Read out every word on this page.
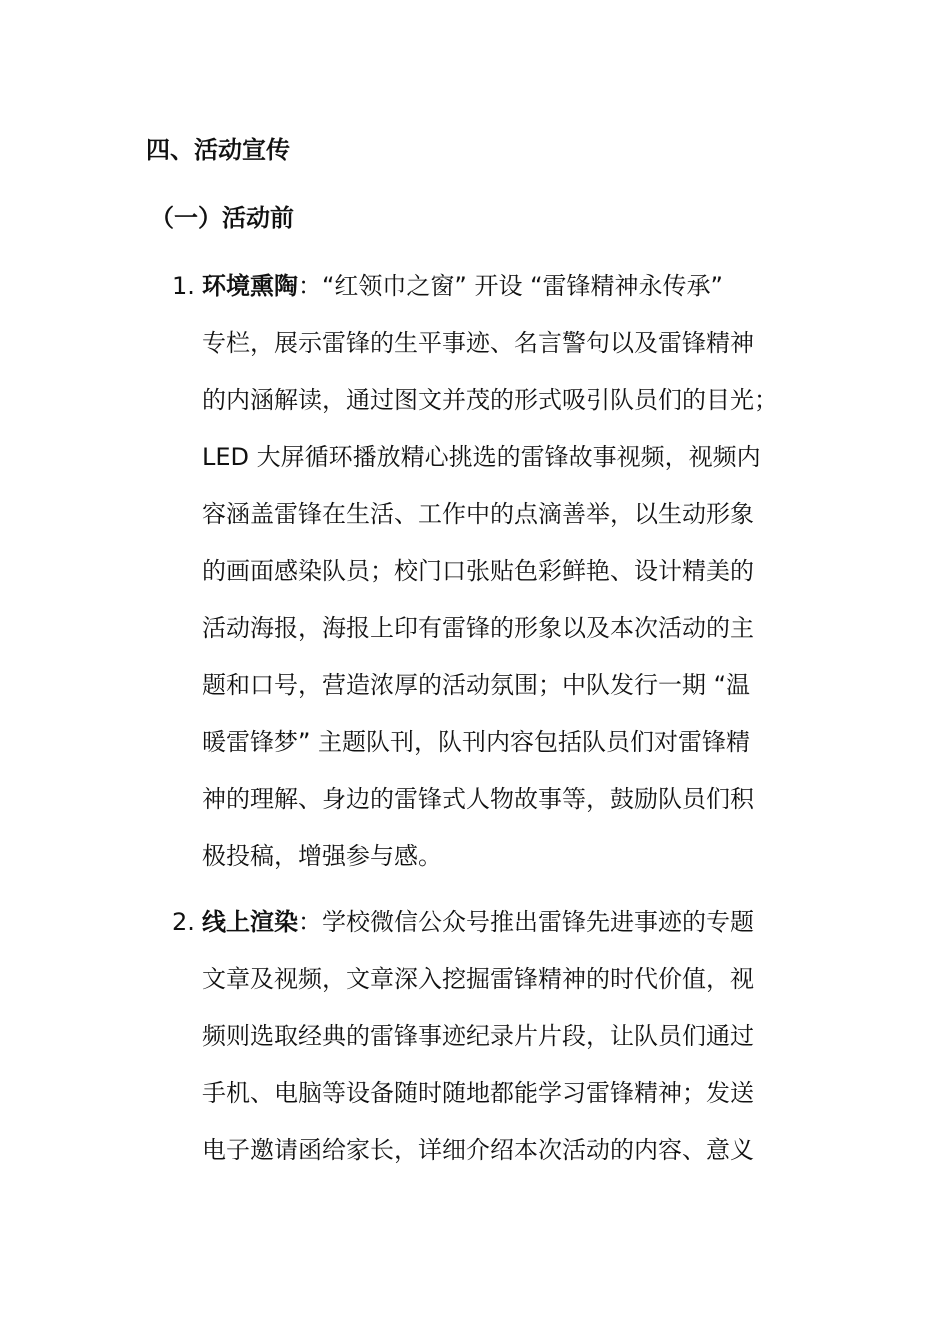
四、活动宣传
（一）活动前
1. 环境熏陶：“红领巾之窗” 开设 “雷锋精神永传承”
专栏，展示雷锋的生平事迹、名言警句以及雷锋精神
的内涵解读，通过图文并茂的形式吸引队员们的目光；
LED 大屏循环播放精心挑选的雷锋故事视频，视频内
容涵盖雷锋在生活、工作中的点滴善举，以生动形象
的画面感染队员；校门口张贴色彩鲜艳、设计精美的
活动海报，海报上印有雷锋的形象以及本次活动的主
题和口号，营造浓厚的活动氛围；中队发行一期 “温
暖雷锋梦” 主题队刊，队刊内容包括队员们对雷锋精
神的理解、身边的雷锋式人物故事等，鼓励队员们积
极投稿，增强参与感。
2. 线上渲染：学校微信公众号推出雷锋先进事迹的专题
文章及视频，文章深入挖掘雷锋精神的时代价值，视
频则选取经典的雷锋事迹纪录片片段，让队员们通过
手机、电脑等设备随时随地都能学习雷锋精神；发送
电子邀请函给家长，详细介绍本次活动的内容、意义
